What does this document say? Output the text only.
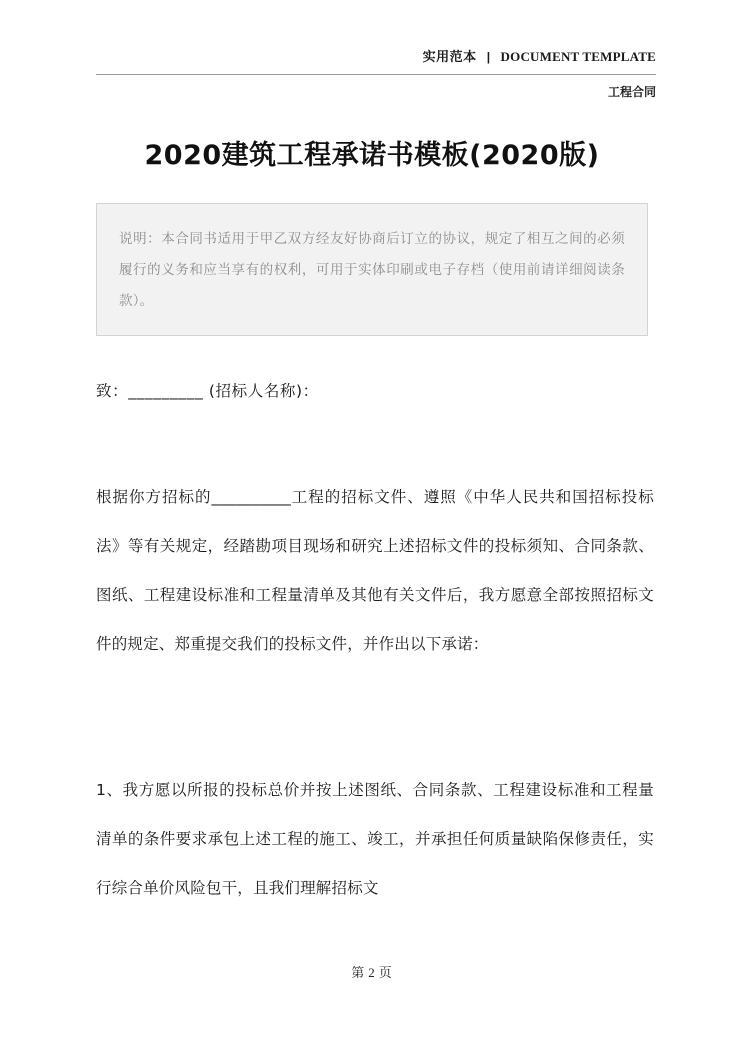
实用范本 | DOCUMENT TEMPLATE
工程合同
2020建筑工程承诺书模板(2020版)
说明：本合同书适用于甲乙双方经友好协商后订立的协议，规定了相互之间的必须履行的义务和应当享有的权利，可用于实体印刷或电子存档（使用前请详细阅读条款）。
致：_________ (招标人名称)：
根据你方招标的__________工程的招标文件、遵照《中华人民共和国招标投标法》等有关规定，经踏勘项目现场和研究上述招标文件的投标须知、合同条款、图纸、工程建设标准和工程量清单及其他有关文件后，我方愿意全部按照招标文件的规定、郑重提交我们的投标文件，并作出以下承诺：
1、我方愿以所报的投标总价并按上述图纸、合同条款、工程建设标准和工程量清单的条件要求承包上述工程的施工、竣工，并承担任何质量缺陷保修责任，实行综合单价风险包干，且我们理解招标文
第 2 页
